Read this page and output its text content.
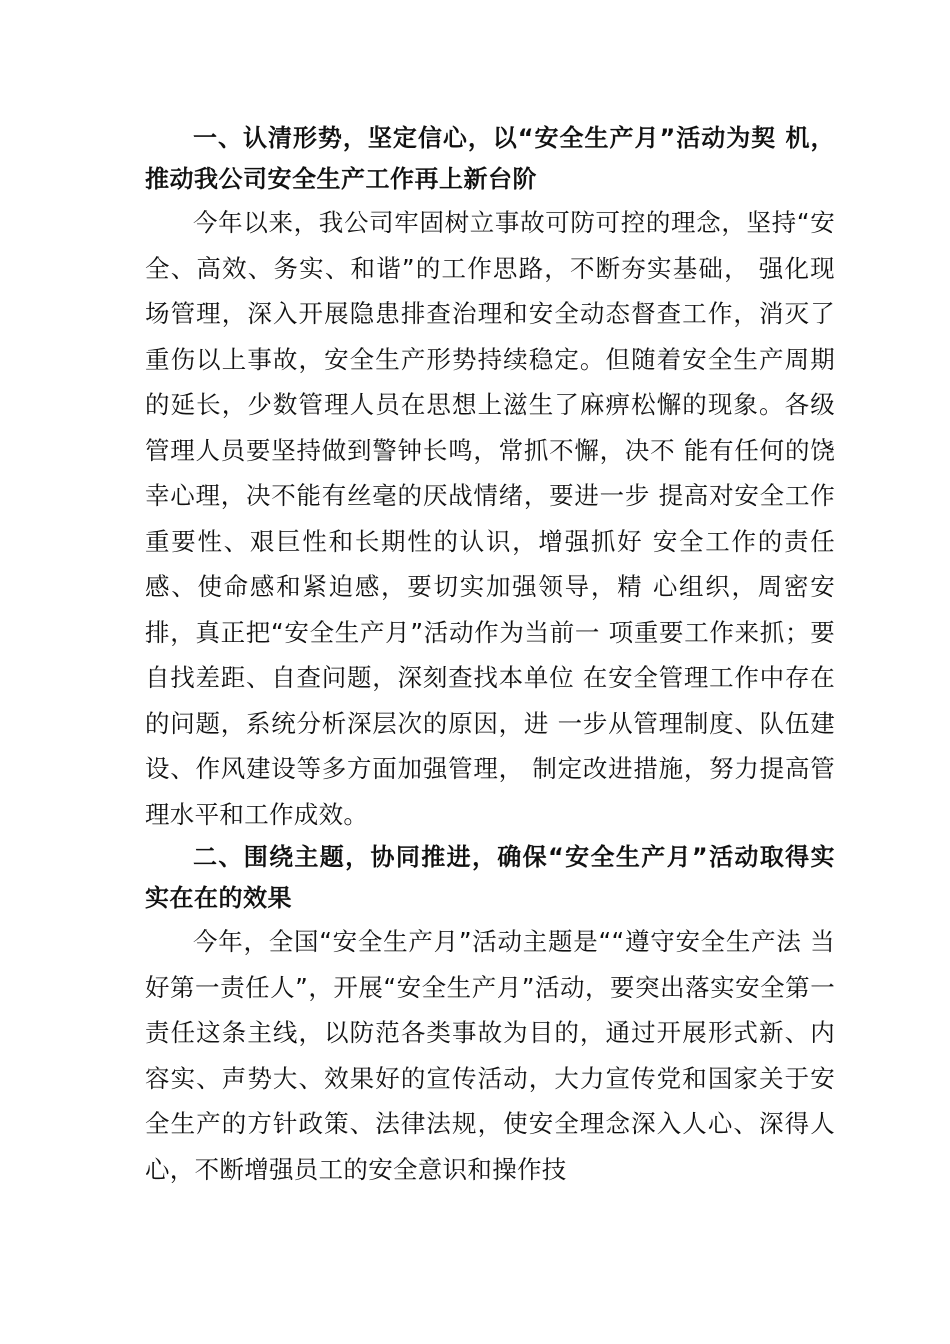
一、认清形势，坚定信心，以“安全生产月”活动为契 机，推动我公司安全生产工作再上新台阶

今年以来，我公司牢固树立事故可防可控的理念，坚持“安全、高效、务实、和谐”的工作思路，不断夯实基础， 强化现场管理，深入开展隐患排查治理和安全动态督查工作，消灭了重伤以上事故，安全生产形势持续稳定。但随着安全生产周期的延长，少数管理人员在思想上滋生了麻痹松懈的现象。各级管理人员要坚持做到警钟长鸣，常抓不懈，决不 能有任何的饶幸心理，决不能有丝毫的厌战情绪，要进一步 提高对安全工作重要性、艰巨性和长期性的认识，增强抓好 安全工作的责任感、使命感和紧迫感，要切实加强领导，精 心组织，周密安排，真正把“安全生产月”活动作为当前一 项重要工作来抓；要自找差距、自查问题，深刻查找本单位 在安全管理工作中存在的问题，系统分析深层次的原因，进 一步从管理制度、队伍建设、作风建设等多方面加强管理， 制定改进措施，努力提高管理水平和工作成效。

二、围绕主题，协同推进，确保“安全生产月”活动取得实实在在的效果

今年，全国“安全生产月”活动主题是““遵守安全生产法 当好第一责任人”，开展“安全生产月”活动，要突出落实安全第一责任这条主线，以防范各类事故为目的，通过开展形式新、内容实、声势大、效果好的宣传活动，大力宣传党和国家关于安全生产的方针政策、法律法规，使安全理念深入人心、深得人心，不断增强员工的安全意识和操作技
